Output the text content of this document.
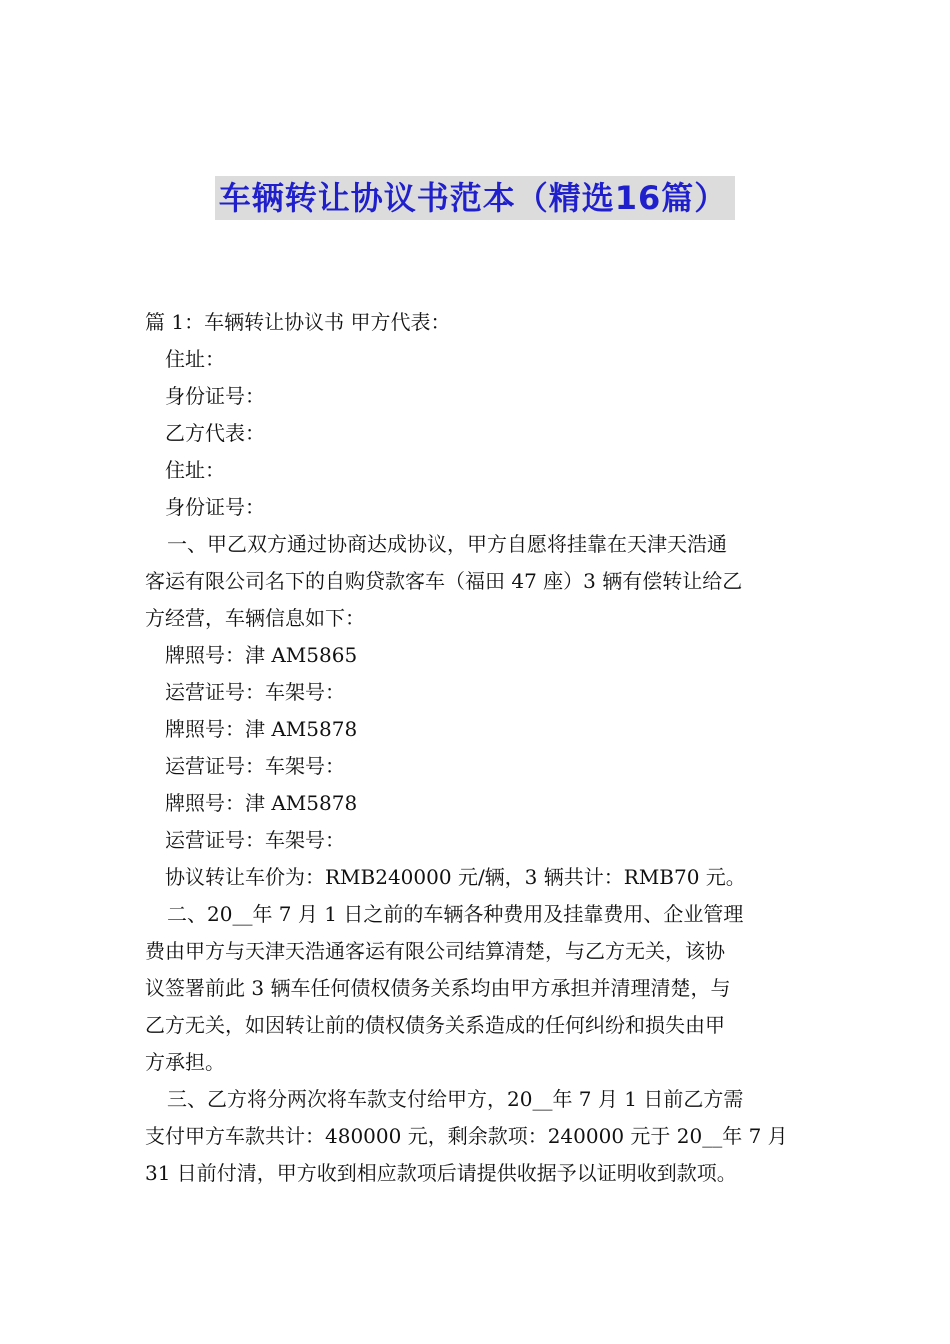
车辆转让协议书范本（精选16篇）
篇 1：车辆转让协议书 甲方代表：
住址：
身份证号：
乙方代表：
住址：
身份证号：
一、甲乙双方通过协商达成协议，甲方自愿将挂靠在天津天浩通
客运有限公司名下的自购贷款客车（福田 47 座）3 辆有偿转让给乙
方经营，车辆信息如下：
牌照号：津 AM5865
运营证号：车架号：
牌照号：津 AM5878
运营证号：车架号：
牌照号：津 AM5878
运营证号：车架号：
协议转让车价为：RMB240000 元/辆，3 辆共计：RMB70 元。
二、20__年 7 月 1 日之前的车辆各种费用及挂靠费用、企业管理
费由甲方与天津天浩通客运有限公司结算清楚，与乙方无关，该协
议签署前此 3 辆车任何债权债务关系均由甲方承担并清理清楚，与
乙方无关，如因转让前的债权债务关系造成的任何纠纷和损失由甲
方承担。
三、乙方将分两次将车款支付给甲方，20__年 7 月 1 日前乙方需
支付甲方车款共计：480000 元，剩余款项：240000 元于 20__年 7 月
31 日前付清，甲方收到相应款项后请提供收据予以证明收到款项。
